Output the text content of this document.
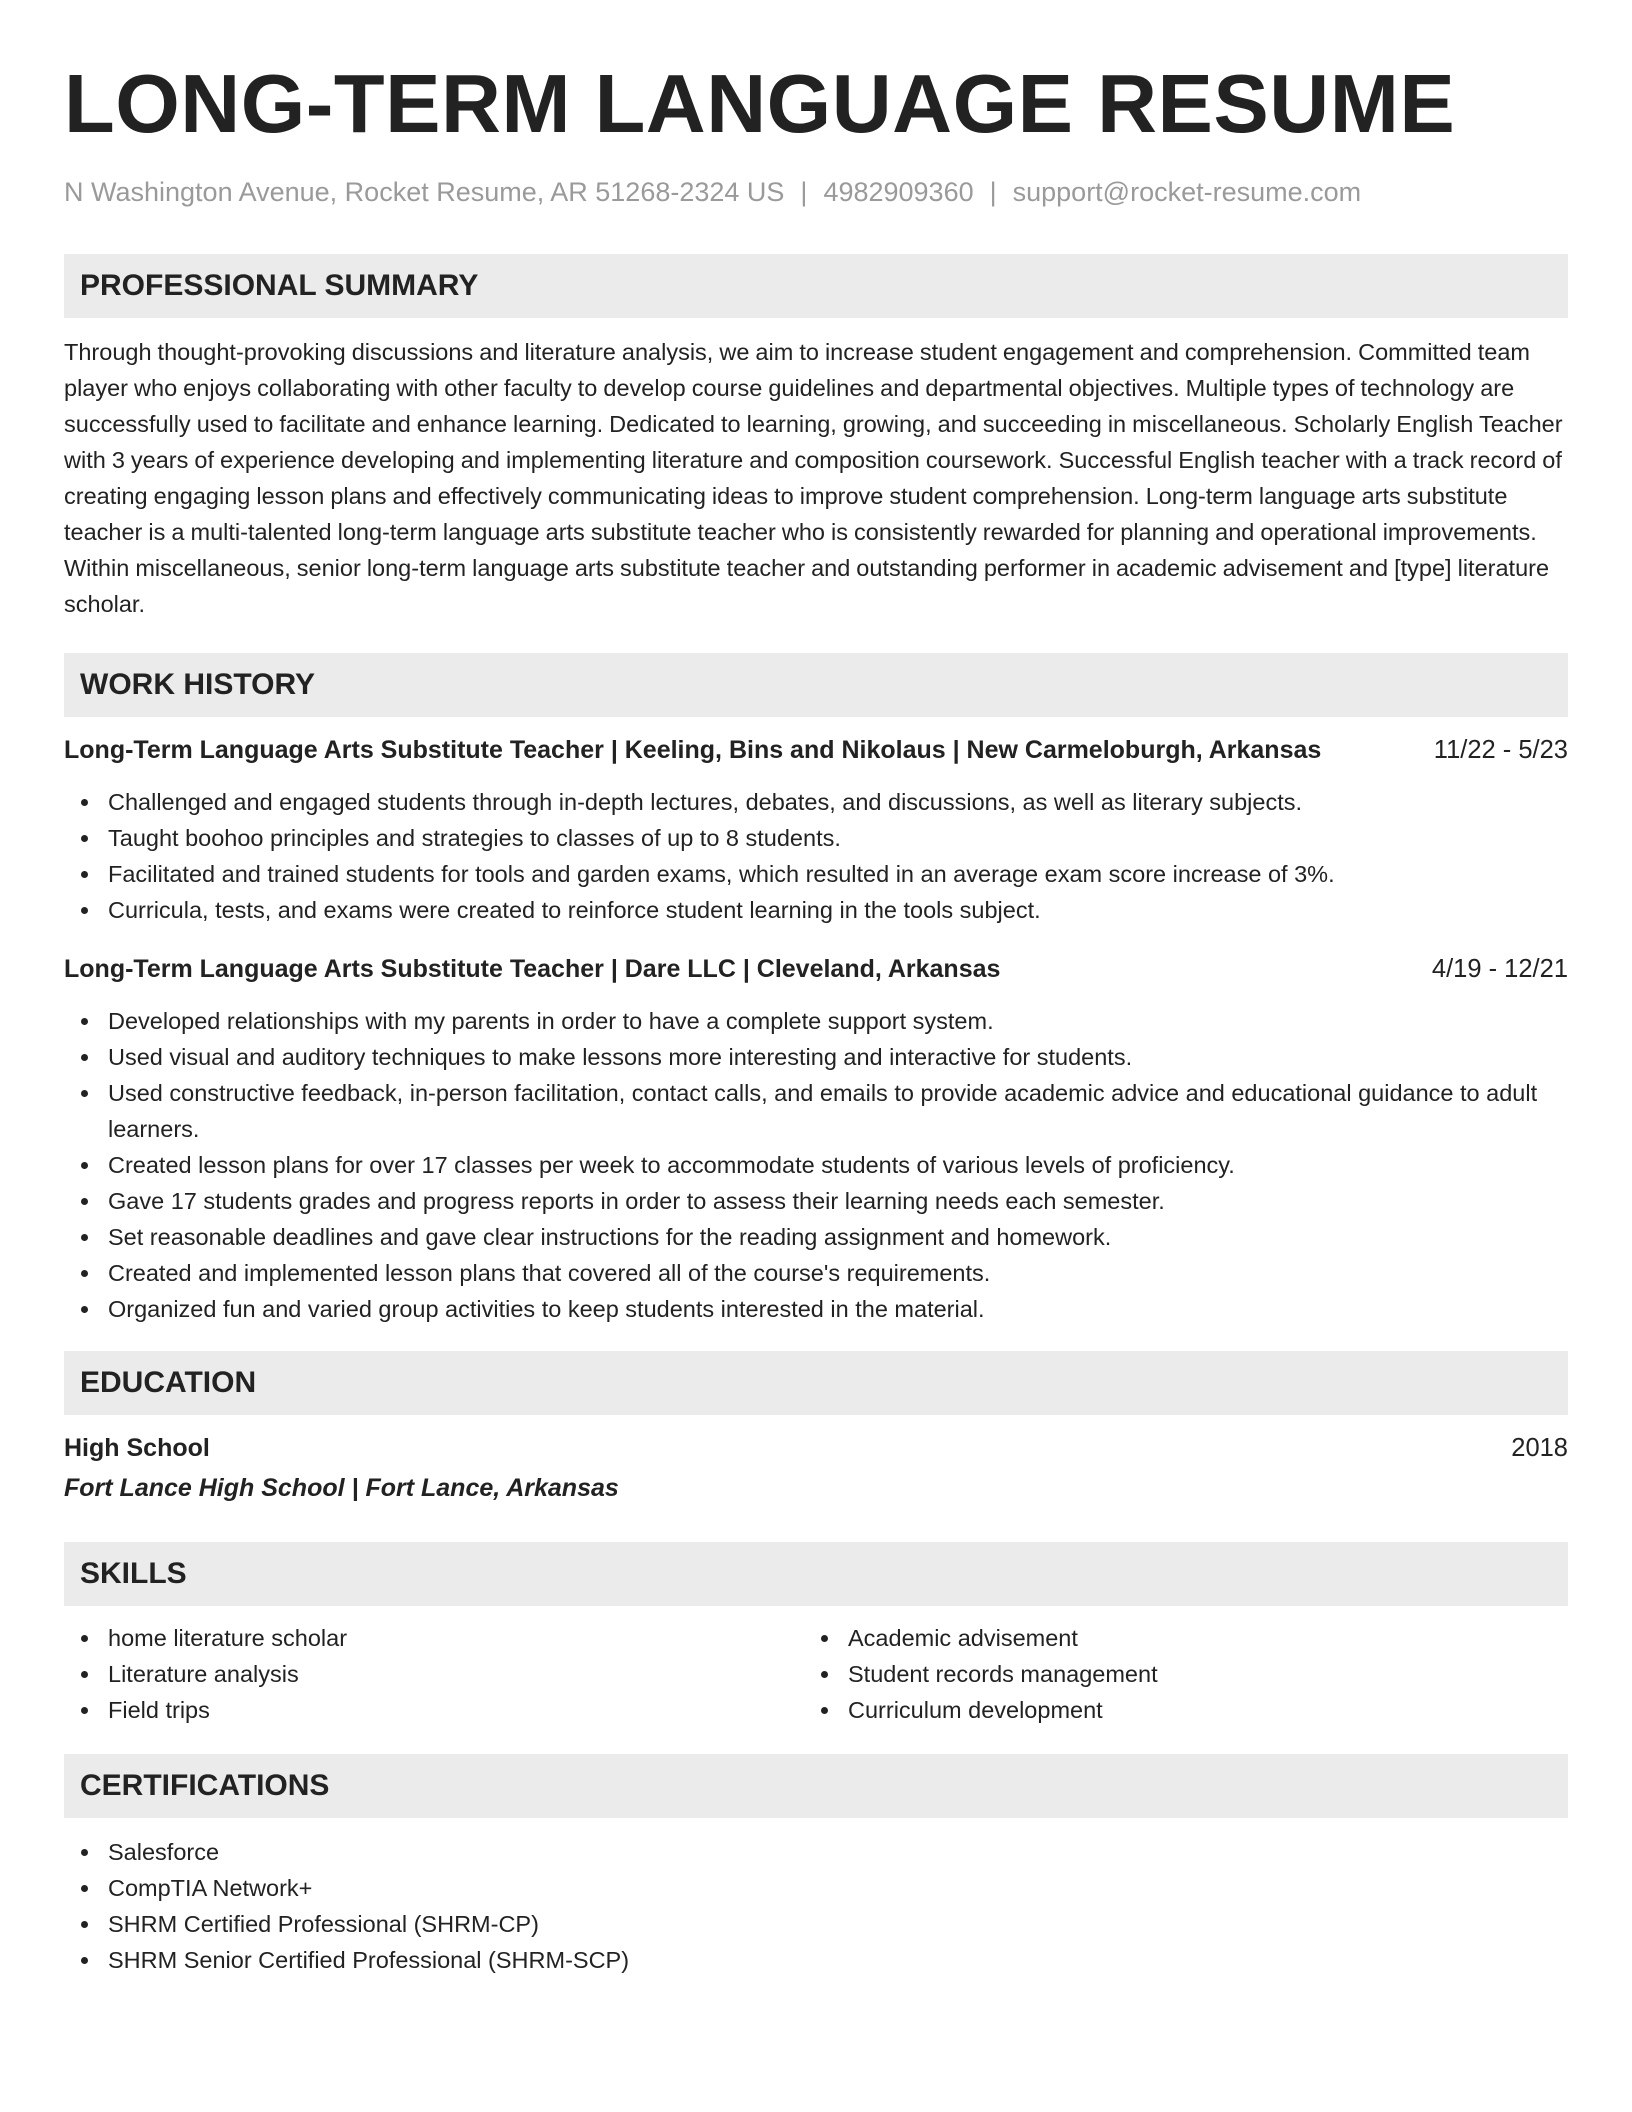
LONG-TERM LANGUAGE RESUME
N Washington Avenue, Rocket Resume, AR 51268-2324 US | 4982909360 | support@rocket-resume.com
PROFESSIONAL SUMMARY

Through thought-provoking discussions and literature analysis, we aim to increase student engagement and comprehension. Committed team player who enjoys collaborating with other faculty to develop course guidelines and departmental objectives. Multiple types of technology are successfully used to facilitate and enhance learning. Dedicated to learning, growing, and succeeding in miscellaneous. Scholarly English Teacher with 3 years of experience developing and implementing literature and composition coursework. Successful English teacher with a track record of creating engaging lesson plans and effectively communicating ideas to improve student comprehension. Long-term language arts substitute teacher is a multi-talented long-term language arts substitute teacher who is consistently rewarded for planning and operational improvements. Within miscellaneous, senior long-term language arts substitute teacher and outstanding performer in academic advisement and [type] literature scholar.

WORK HISTORY
Long-Term Language Arts Substitute Teacher | Keeling, Bins and Nikolaus | New Carmeloburgh, Arkansas	11/22 - 5/23
Challenged and engaged students through in-depth lectures, debates, and discussions, as well as literary subjects.
Taught boohoo principles and strategies to classes of up to 8 students.
Facilitated and trained students for tools and garden exams, which resulted in an average exam score increase of 3%.
Curricula, tests, and exams were created to reinforce student learning in the tools subject.
Long-Term Language Arts Substitute Teacher | Dare LLC | Cleveland, Arkansas	4/19 - 12/21
Developed relationships with my parents in order to have a complete support system.
Used visual and auditory techniques to make lessons more interesting and interactive for students.
Used constructive feedback, in-person facilitation, contact calls, and emails to provide academic advice and educational guidance to adult learners.
Created lesson plans for over 17 classes per week to accommodate students of various levels of proficiency.
Gave 17 students grades and progress reports in order to assess their learning needs each semester.
Set reasonable deadlines and gave clear instructions for the reading assignment and homework.
Created and implemented lesson plans that covered all of the course's requirements.
Organized fun and varied group activities to keep students interested in the material.
EDUCATION
High School	2018
Fort Lance High School | Fort Lance, Arkansas
SKILLS
home literature scholar
Literature analysis
Field trips
Academic advisement
Student records management
Curriculum development
CERTIFICATIONS
Salesforce
CompTIA Network+
SHRM Certified Professional (SHRM-CP)
SHRM Senior Certified Professional (SHRM-SCP)
